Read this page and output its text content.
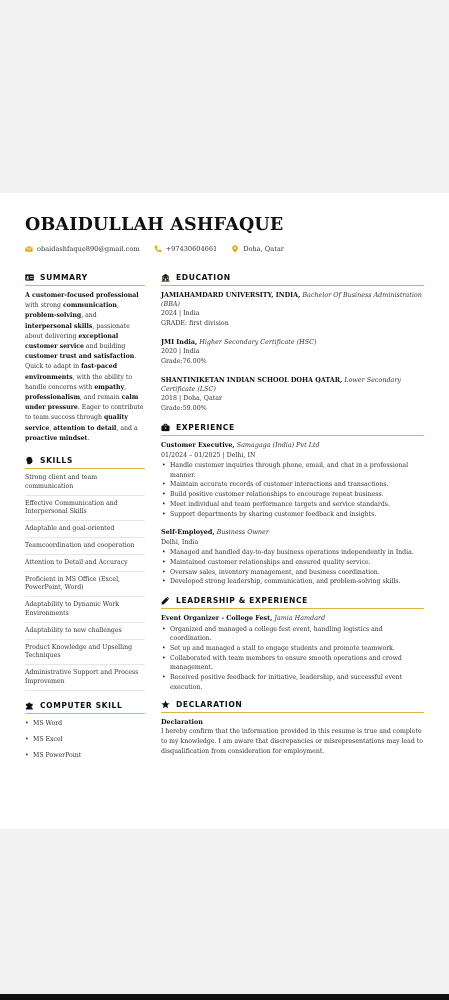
OBAIDULLAH ASHFAQUE
obaidashfaque890@gmail.com	+97430604661	Doha, Qatar
SUMMARY

A customer-focused professional with strong communication, problem-solving, and interpersonal skills, passionate about delivering exceptional customer service and building customer trust and satisfaction. Quick to adapt in fast-paced environments, with the ability to handle concerns with empathy, professionalism, and remain calm under pressure. Eager to contribute to team success through quality service, attention to detail, and a proactive mindset.

SKILLS
Strong client and team communication
Effective Communication and Interpersonal Skills
Adaptable and goal-oriented
Teamcoordination and cooperation
Attention to Detail and Accuracy
Proficient in MS Office (Excel, PowerPoint, Word)
Adaptability to Dynamic Work Environments
Adaptability to new challenges
Product Knowledge and Upselling Techniques
Administrative Support and Process Improvemen
COMPUTER SKILL
• MS Word
• MS Excel
• MS PowerPoint
EDUCATION
JAMIAHAMDARD UNIVERSITY, INDIA, Bachelor Of Business Administration (BBA)
2024 | India
GRADE: first division
JMI India, Higher Secondary Certificate (HSC)
2020 | India
Grade:76.00%
SHANTINIKETAN INDIAN SCHOOL DOHA QATAR, Lower Secondary Certificate (LSC)
2018 | Doha, Qatar
Grade:59.00%
EXPERIENCE
Customer Executive, Samagaga (India) Pvt Ltd
01/2024 – 01/2025 | Delhi, IN
• Handle customer inquiries through phone, email, and chat in a professional manner.
• Maintain accurate records of customer interactions and transactions.
• Build positive customer relationships to encourage repeat business.
• Meet individual and team performance targets and service standards.
• Support departments by sharing customer feedback and insights.
Self-Employed, Business Owner
Delhi, India
• Managed and handled day-to-day business operations independently in India.
• Maintained customer relationships and ensured quality service.
• Oversaw sales, inventory management, and business coordination.
• Developed strong leadership, communication, and problem-solving skills.
LEADERSHIP & EXPERIENCE
Event Organizer - College Fest, Jamia Hamdard
• Organized and managed a college fest event, handling logistics and coordination.
• Set up and managed a stall to engage students and promote teamwork.
• Collaborated with team members to ensure smooth operations and crowd management.
• Received positive feedback for initiative, leadership, and successful event execution.
DECLARATION
Declaration
I hereby confirm that the information provided in this resume is true and complete to my knowledge. I am aware that discrepancies or misrepresentations may lead to disqualification from consideration for employment.
